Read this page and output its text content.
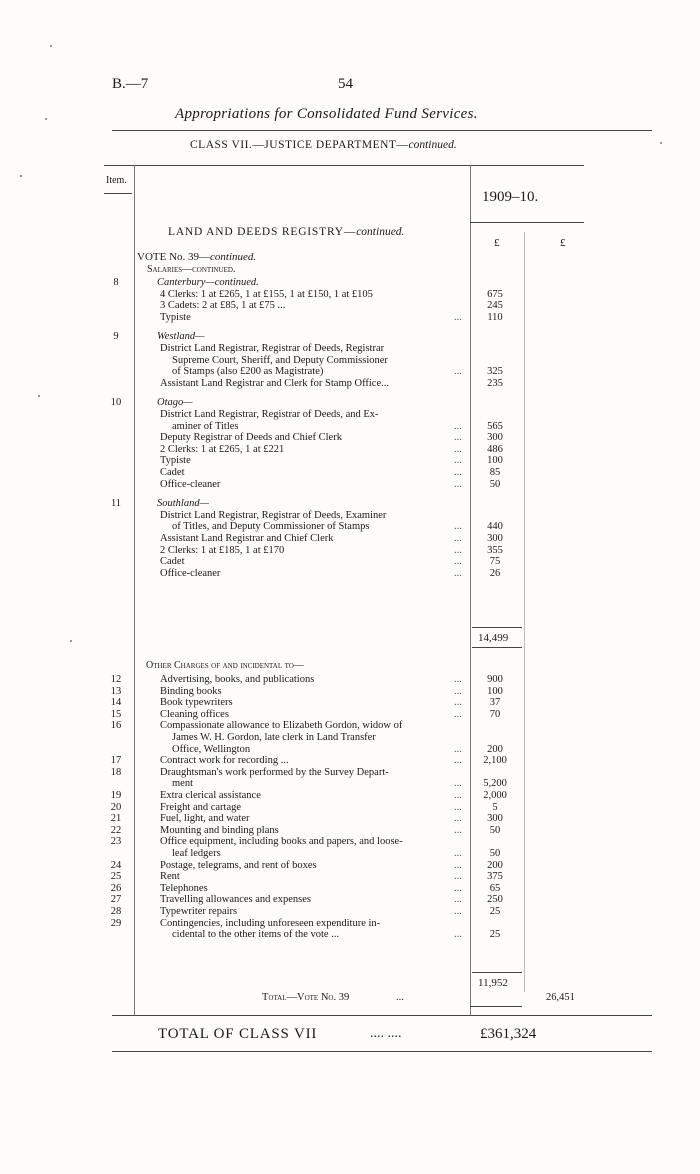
B.—7	54
Appropriations for Consolidated Fund Services.
CLASS VII.—JUSTICE DEPARTMENT—continued.
Item.
1909–10.
£	£
LAND AND DEEDS REGISTRY—continued.
VOTE No. 39—continued.
Salaries—continued.
8	Canterbury—continued.
4 Clerks: 1 at £265, 1 at £155, 1 at £150, 1 at £105	675
3 Cadets: 2 at £85, 1 at £75 ...	245
Typiste	...	110
9	Westland—
District Land Registrar, Registrar of Deeds, Registrar
Supreme Court, Sheriff, and Deputy Commissioner
of Stamps (also £200 as Magistrate)	...	325
Assistant Land Registrar and Clerk for Stamp Office...	235
10	Otago—
District Land Registrar, Registrar of Deeds, and Ex-
aminer of Titles	...	565
Deputy Registrar of Deeds and Chief Clerk	...	300
2 Clerks: 1 at £265, 1 at £221	...	486
Typiste	...	100
Cadet	...	85
Office-cleaner	...	50
11	Southland—
District Land Registrar, Registrar of Deeds, Examiner
of Titles, and Deputy Commissioner of Stamps	...	440
Assistant Land Registrar and Chief Clerk	...	300
2 Clerks: 1 at £185, 1 at £170	...	355
Cadet	...	75
Office-cleaner	...	26
14,499
Other Charges of and incidental to—
12	Advertising, books, and publications	...	900
13	Binding books	...	100
14	Book typewriters	...	37
15	Cleaning offices	...	70
16	Compassionate allowance to Elizabeth Gordon, widow of
James W. H. Gordon, late clerk in Land Transfer
Office, Wellington	...	200
17	Contract work for recording ...	...	2,100
18	Draughtsman's work performed by the Survey Depart-
ment	...	5,200
19	Extra clerical assistance	...	2,000
20	Freight and cartage	...	5
21	Fuel, light, and water	...	300
22	Mounting and binding plans	...	50
23	Office equipment, including books and papers, and loose-
leaf ledgers	...	50
24	Postage, telegrams, and rent of boxes	...	200
25	Rent	...	375
26	Telephones	...	65
27	Travelling allowances and expenses	...	250
28	Typewriter repairs	...	25
29	Contingencies, including unforeseen expenditure in-
cidental to the other items of the vote ...	...	25
11,952
Total—Vote No. 39	...	26,451
TOTAL OF CLASS VII	.... ....	£361,324
